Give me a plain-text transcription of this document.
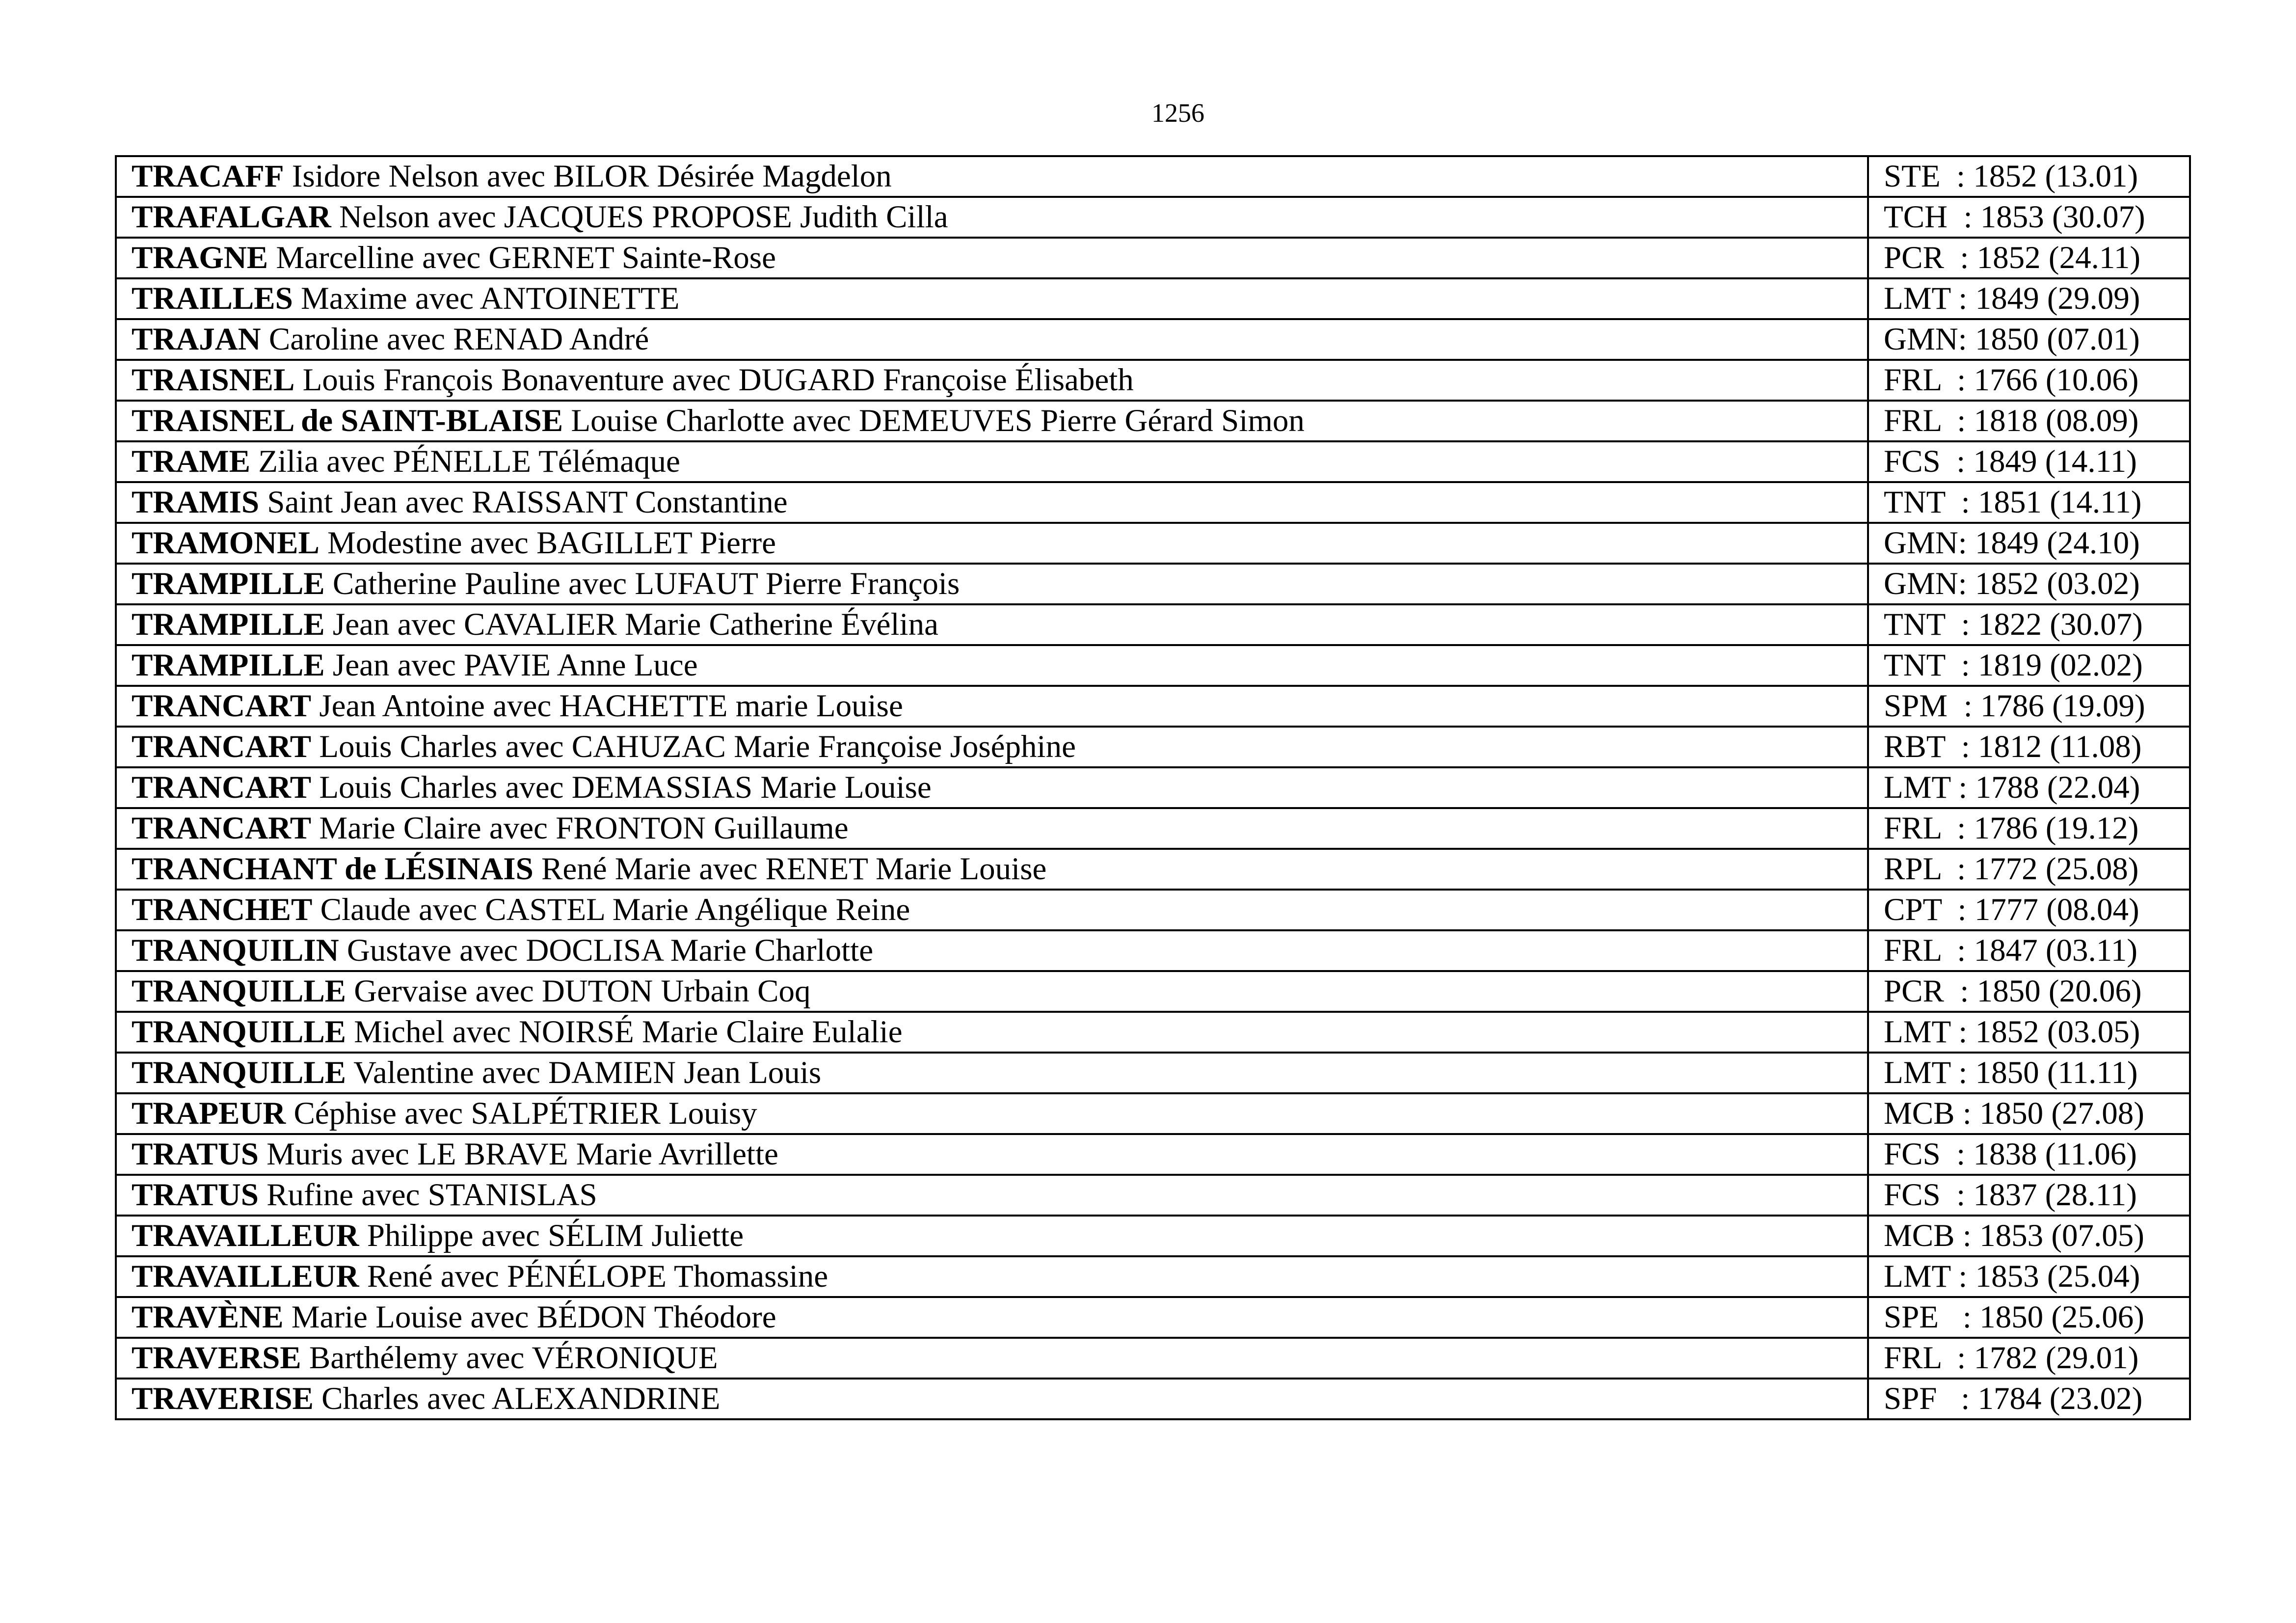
1256
TRACAFF Isidore Nelson avec BILOR Désirée Magdelon	STE  : 1852 (13.01)
TRAFALGAR Nelson avec JACQUES PROPOSE Judith Cilla	TCH  : 1853 (30.07)
TRAGNE Marcelline avec GERNET Sainte-Rose	PCR  : 1852 (24.11)
TRAILLES Maxime avec ANTOINETTE	LMT : 1849 (29.09)
TRAJAN Caroline avec RENAD André	GMN: 1850 (07.01)
TRAISNEL Louis François Bonaventure avec DUGARD Françoise Élisabeth	FRL  : 1766 (10.06)
TRAISNEL de SAINT-BLAISE Louise Charlotte avec DEMEUVES Pierre Gérard Simon	FRL  : 1818 (08.09)
TRAME Zilia avec PÉNELLE Télémaque	FCS  : 1849 (14.11)
TRAMIS Saint Jean avec RAISSANT Constantine	TNT  : 1851 (14.11)
TRAMONEL Modestine avec BAGILLET Pierre	GMN: 1849 (24.10)
TRAMPILLE Catherine Pauline avec LUFAUT Pierre François	GMN: 1852 (03.02)
TRAMPILLE Jean avec CAVALIER Marie Catherine Évélina	TNT  : 1822 (30.07)
TRAMPILLE Jean avec PAVIE Anne Luce	TNT  : 1819 (02.02)
TRANCART Jean Antoine avec HACHETTE marie Louise	SPM  : 1786 (19.09)
TRANCART Louis Charles avec CAHUZAC Marie Françoise Joséphine	RBT  : 1812 (11.08)
TRANCART Louis Charles avec DEMASSIAS Marie Louise	LMT : 1788 (22.04)
TRANCART Marie Claire avec FRONTON Guillaume	FRL  : 1786 (19.12)
TRANCHANT de LÉSINAIS René Marie avec RENET Marie Louise	RPL  : 1772 (25.08)
TRANCHET Claude avec CASTEL Marie Angélique Reine	CPT  : 1777 (08.04)
TRANQUILIN Gustave avec DOCLISA Marie Charlotte	FRL  : 1847 (03.11)
TRANQUILLE Gervaise avec DUTON Urbain Coq	PCR  : 1850 (20.06)
TRANQUILLE Michel avec NOIRSÉ Marie Claire Eulalie	LMT : 1852 (03.05)
TRANQUILLE Valentine avec DAMIEN Jean Louis	LMT : 1850 (11.11)
TRAPEUR Céphise avec SALPÉTRIER Louisy	MCB : 1850 (27.08)
TRATUS Muris avec LE BRAVE Marie Avrillette	FCS  : 1838 (11.06)
TRATUS Rufine avec STANISLAS	FCS  : 1837 (28.11)
TRAVAILLEUR Philippe avec SÉLIM Juliette	MCB : 1853 (07.05)
TRAVAILLEUR René avec PÉNÉLOPE Thomassine	LMT : 1853 (25.04)
TRAVÈNE Marie Louise avec BÉDON Théodore	SPE   : 1850 (25.06)
TRAVERSE Barthélemy avec VÉRONIQUE	FRL  : 1782 (29.01)
TRAVERISE Charles avec ALEXANDRINE	SPF   : 1784 (23.02)
